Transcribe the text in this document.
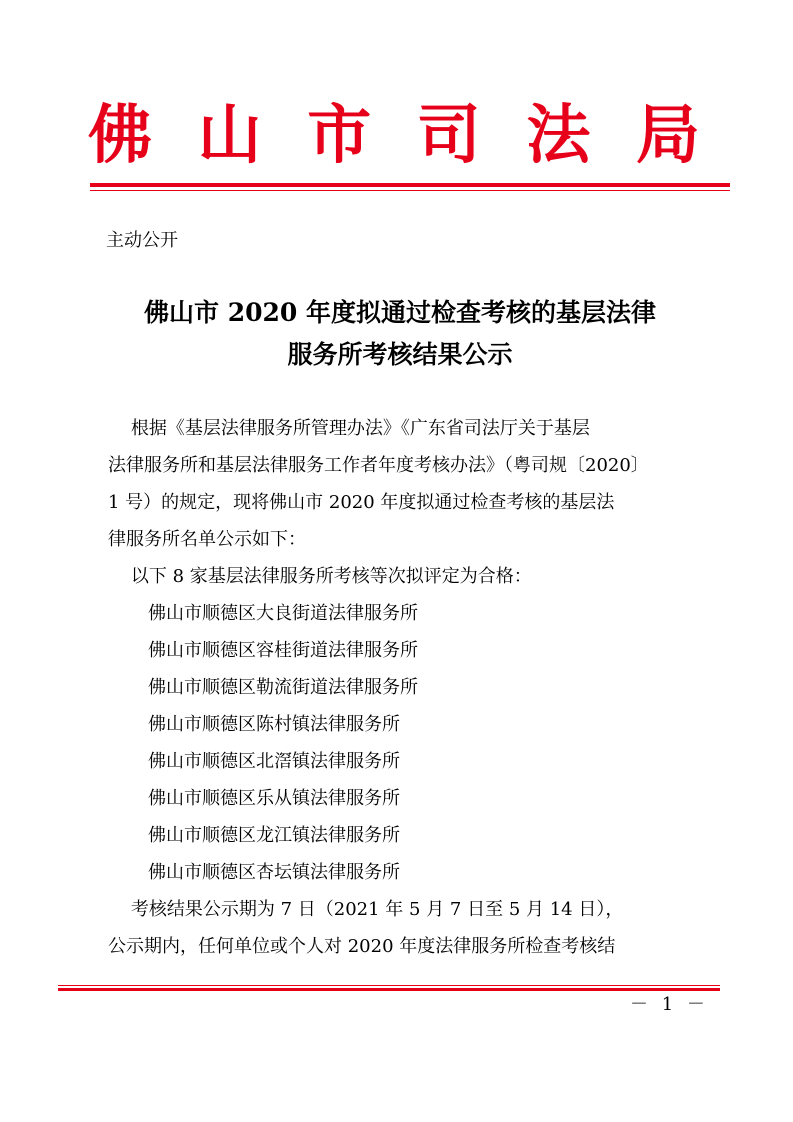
佛 山 市 司 法 局
主动公开
佛山市 2020 年度拟通过检查考核的基层法律
服务所考核结果公示
根据《基层法律服务所管理办法》《广东省司法厅关于基层
法律服务所和基层法律服务工作者年度考核办法》（粤司规〔2020〕
1 号）的规定，现将佛山市 2020 年度拟通过检查考核的基层法
律服务所名单公示如下：
以下 8 家基层法律服务所考核等次拟评定为合格：
佛山市顺德区大良街道法律服务所
佛山市顺德区容桂街道法律服务所
佛山市顺德区勒流街道法律服务所
佛山市顺德区陈村镇法律服务所
佛山市顺德区北滘镇法律服务所
佛山市顺德区乐从镇法律服务所
佛山市顺德区龙江镇法律服务所
佛山市顺德区杏坛镇法律服务所
考核结果公示期为 7 日（2021 年 5 月 7 日至 5 月 14 日），
公示期内，任何单位或个人对 2020 年度法律服务所检查考核结
－ 1 －
